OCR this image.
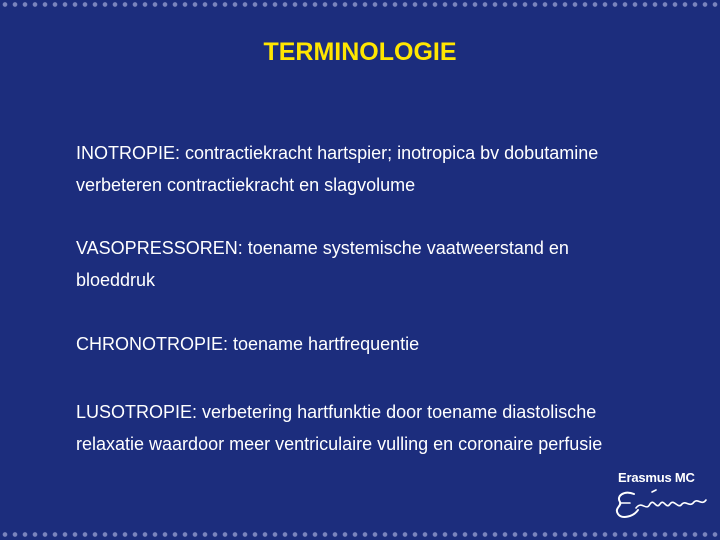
TERMINOLOGIE
INOTROPIE: contractiekracht hartspier; inotropica bv dobutamine
verbeteren contractiekracht en slagvolume
VASOPRESSOREN: toename systemische vaatweerstand en
bloeddruk
CHRONOTROPIE: toename hartfrequentie
LUSOTROPIE: verbetering hartfunktie door toename diastolische
relaxatie waardoor meer ventriculaire vulling en coronaire perfusie
Erasmus MC
